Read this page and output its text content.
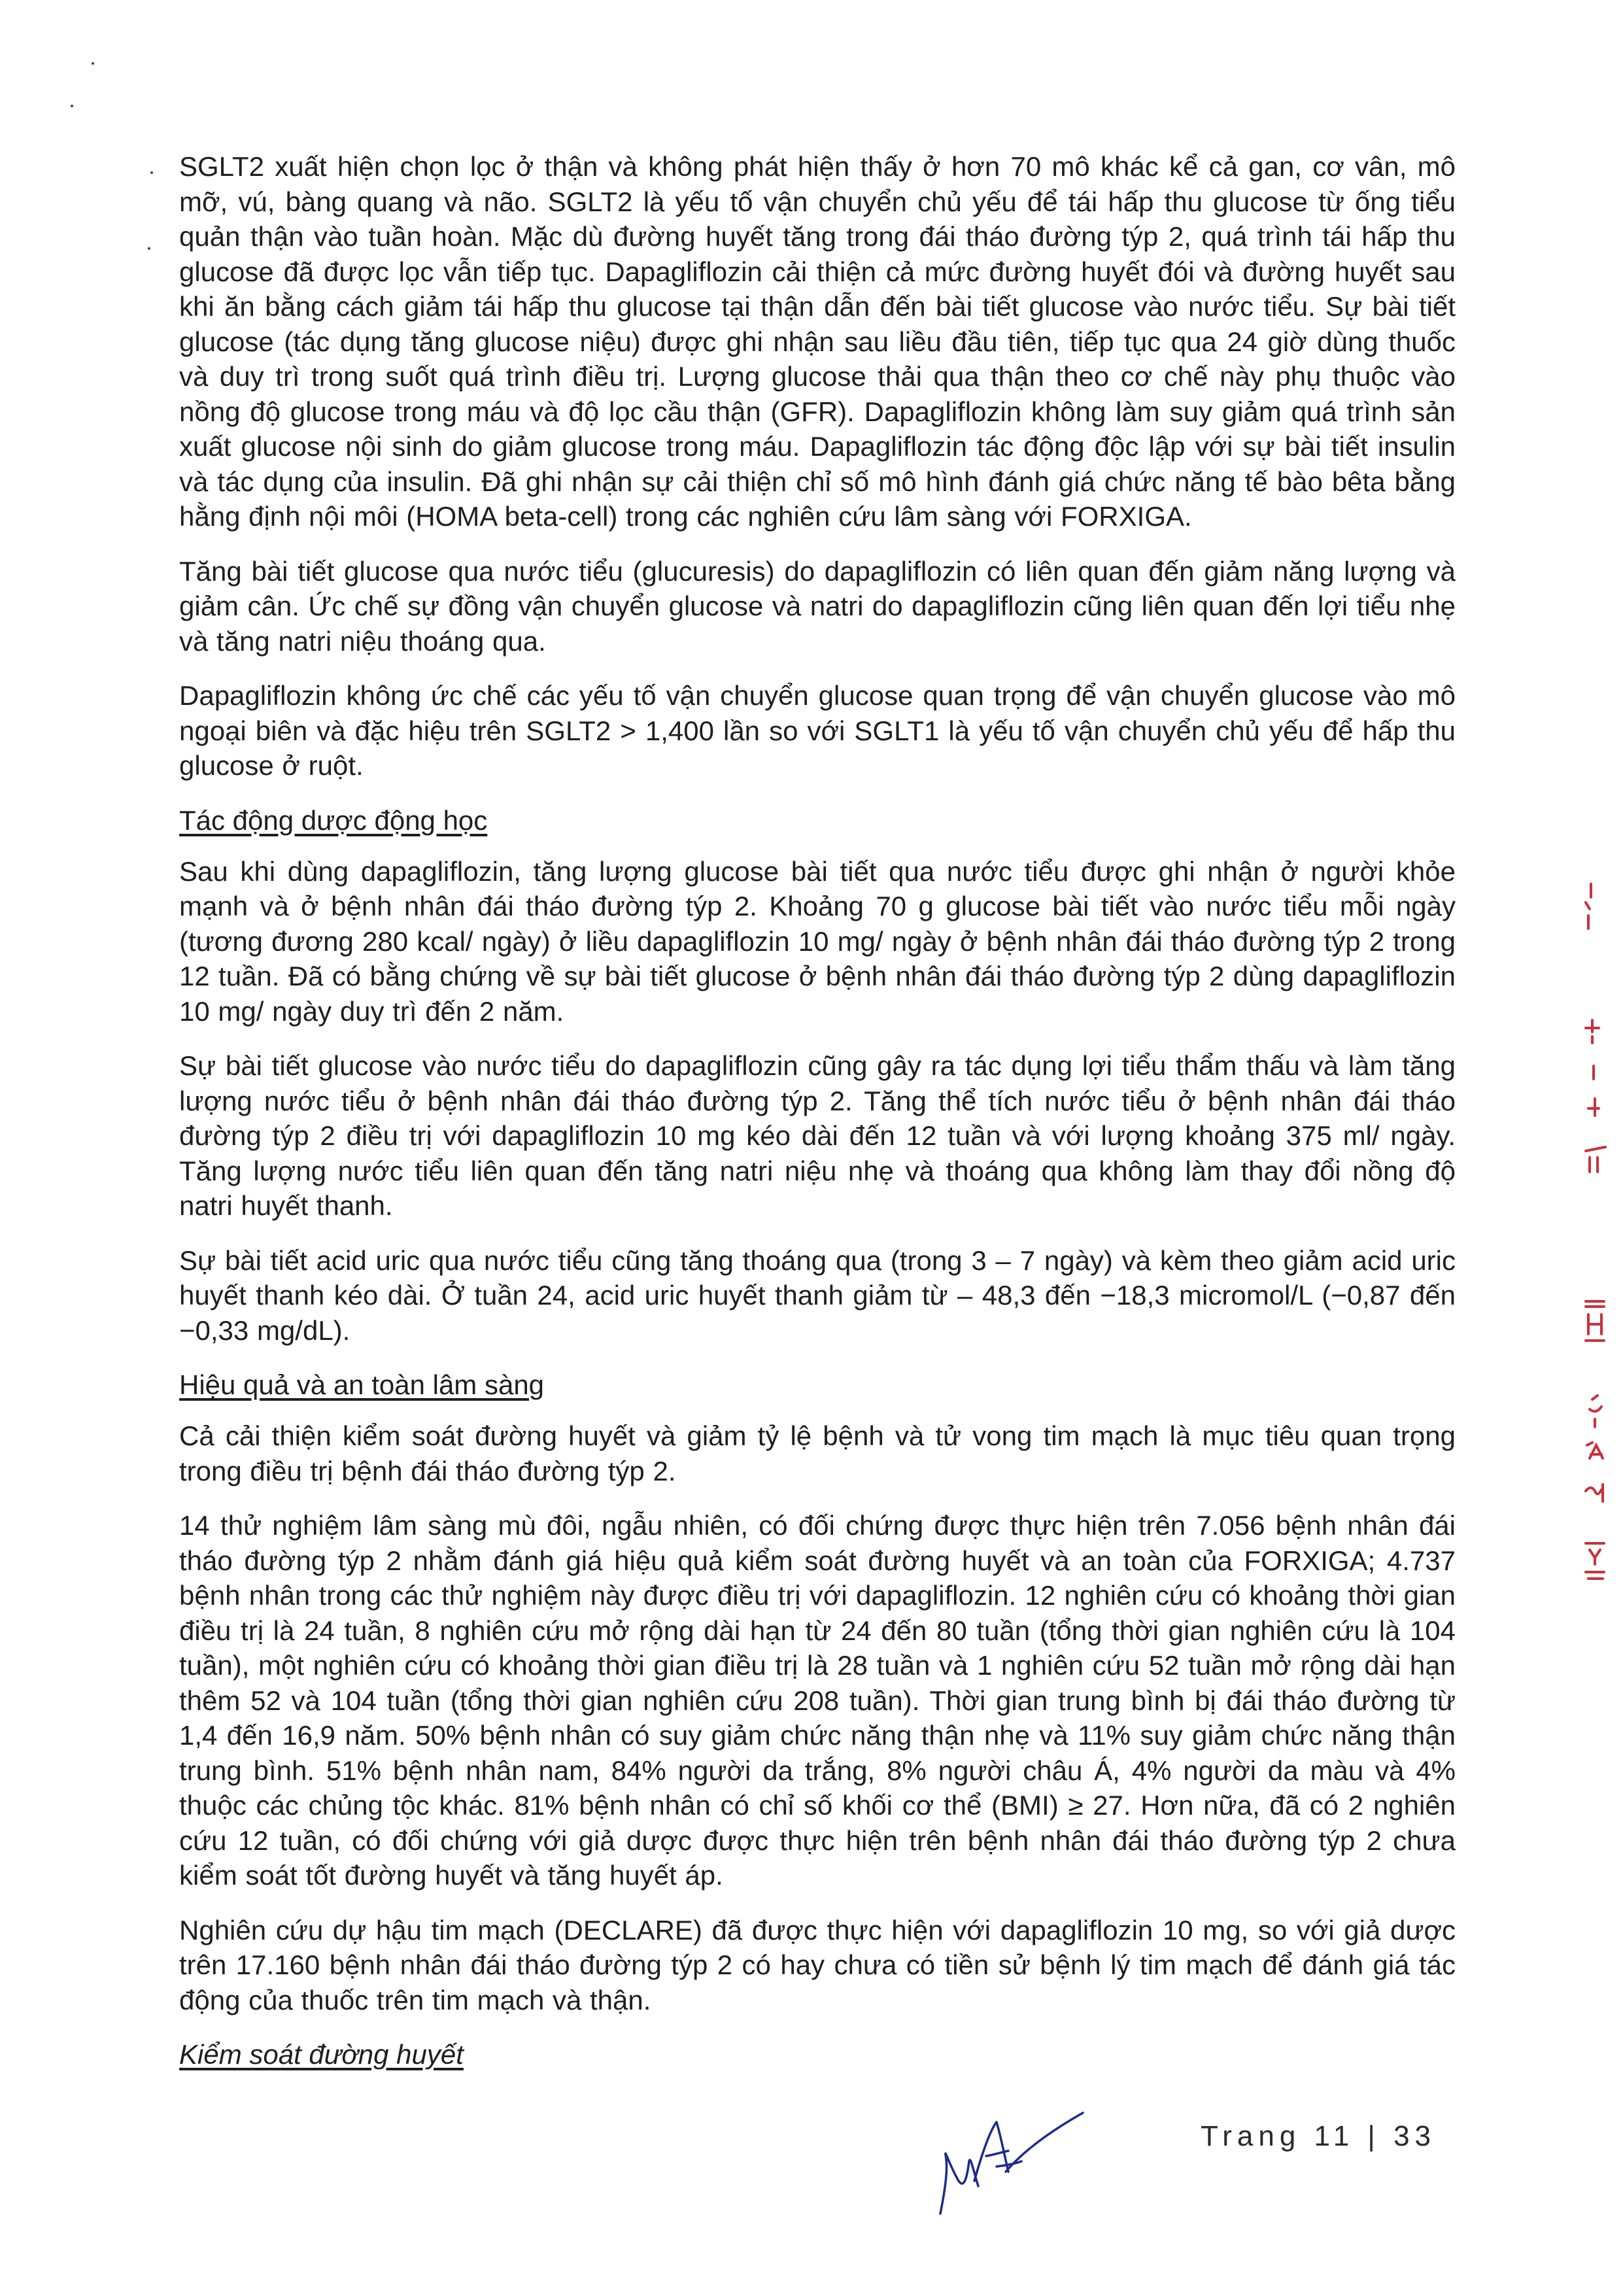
SGLT2 xuất hiện chọn lọc ở thận và không phát hiện thấy ở hơn 70 mô khác kể cả gan, cơ vân, mô mỡ, vú, bàng quang và não. SGLT2 là yếu tố vận chuyển chủ yếu để tái hấp thu glucose từ ống tiểu quản thận vào tuần hoàn. Mặc dù đường huyết tăng trong đái tháo đường týp 2, quá trình tái hấp thu glucose đã được lọc vẫn tiếp tục. Dapagliflozin cải thiện cả mức đường huyết đói và đường huyết sau khi ăn bằng cách giảm tái hấp thu glucose tại thận dẫn đến bài tiết glucose vào nước tiểu. Sự bài tiết glucose (tác dụng tăng glucose niệu) được ghi nhận sau liều đầu tiên, tiếp tục qua 24 giờ dùng thuốc và duy trì trong suốt quá trình điều trị. Lượng glucose thải qua thận theo cơ chế này phụ thuộc vào nồng độ glucose trong máu và độ lọc cầu thận (GFR). Dapagliflozin không làm suy giảm quá trình sản xuất glucose nội sinh do giảm glucose trong máu. Dapagliflozin tác động độc lập với sự bài tiết insulin và tác dụng của insulin. Đã ghi nhận sự cải thiện chỉ số mô hình đánh giá chức năng tế bào bêta bằng hằng định nội môi (HOMA beta-cell) trong các nghiên cứu lâm sàng với FORXIGA.

Tăng bài tiết glucose qua nước tiểu (glucuresis) do dapagliflozin có liên quan đến giảm năng lượng và giảm cân. Ức chế sự đồng vận chuyển glucose và natri do dapagliflozin cũng liên quan đến lợi tiểu nhẹ và tăng natri niệu thoáng qua.

Dapagliflozin không ức chế các yếu tố vận chuyển glucose quan trọng để vận chuyển glucose vào mô ngoại biên và đặc hiệu trên SGLT2 > 1,400 lần so với SGLT1 là yếu tố vận chuyển chủ yếu để hấp thu glucose ở ruột.

Tác động dược động học

Sau khi dùng dapagliflozin, tăng lượng glucose bài tiết qua nước tiểu được ghi nhận ở người khỏe mạnh và ở bệnh nhân đái tháo đường týp 2. Khoảng 70 g glucose bài tiết vào nước tiểu mỗi ngày (tương đương 280 kcal/ ngày) ở liều dapagliflozin 10 mg/ ngày ở bệnh nhân đái tháo đường týp 2 trong 12 tuần. Đã có bằng chứng về sự bài tiết glucose ở bệnh nhân đái tháo đường týp 2 dùng dapagliflozin 10 mg/ ngày duy trì đến 2 năm.

Sự bài tiết glucose vào nước tiểu do dapagliflozin cũng gây ra tác dụng lợi tiểu thẩm thấu và làm tăng lượng nước tiểu ở bệnh nhân đái tháo đường týp 2. Tăng thể tích nước tiểu ở bệnh nhân đái tháo đường týp 2 điều trị với dapagliflozin 10 mg kéo dài đến 12 tuần và với lượng khoảng 375 ml/ ngày. Tăng lượng nước tiểu liên quan đến tăng natri niệu nhẹ và thoáng qua không làm thay đổi nồng độ natri huyết thanh.

Sự bài tiết acid uric qua nước tiểu cũng tăng thoáng qua (trong 3 – 7 ngày) và kèm theo giảm acid uric huyết thanh kéo dài. Ở tuần 24, acid uric huyết thanh giảm từ – 48,3 đến −18,3 micromol/L (−0,87 đến −0,33 mg/dL).

Hiệu quả và an toàn lâm sàng

Cả cải thiện kiểm soát đường huyết và giảm tỷ lệ bệnh và tử vong tim mạch là mục tiêu quan trọng trong điều trị bệnh đái tháo đường týp 2.

14 thử nghiệm lâm sàng mù đôi, ngẫu nhiên, có đối chứng được thực hiện trên 7.056 bệnh nhân đái tháo đường týp 2 nhằm đánh giá hiệu quả kiểm soát đường huyết và an toàn của FORXIGA; 4.737 bệnh nhân trong các thử nghiệm này được điều trị với dapagliflozin. 12 nghiên cứu có khoảng thời gian điều trị là 24 tuần, 8 nghiên cứu mở rộng dài hạn từ 24 đến 80 tuần (tổng thời gian nghiên cứu là 104 tuần), một nghiên cứu có khoảng thời gian điều trị là 28 tuần và 1 nghiên cứu 52 tuần mở rộng dài hạn thêm 52 và 104 tuần (tổng thời gian nghiên cứu 208 tuần). Thời gian trung bình bị đái tháo đường từ 1,4 đến 16,9 năm. 50% bệnh nhân có suy giảm chức năng thận nhẹ và 11% suy giảm chức năng thận trung bình. 51% bệnh nhân nam, 84% người da trắng, 8% người châu Á, 4% người da màu và 4% thuộc các chủng tộc khác. 81% bệnh nhân có chỉ số khối cơ thể (BMI) ≥ 27. Hơn nữa, đã có 2 nghiên cứu 12 tuần, có đối chứng với giả dược được thực hiện trên bệnh nhân đái tháo đường týp 2 chưa kiểm soát tốt đường huyết và tăng huyết áp.

Nghiên cứu dự hậu tim mạch (DECLARE) đã được thực hiện với dapagliflozin 10 mg, so với giả dược trên 17.160 bệnh nhân đái tháo đường týp 2 có hay chưa có tiền sử bệnh lý tim mạch để đánh giá tác động của thuốc trên tim mạch và thận.

Kiểm soát đường huyết
Trang 11 | 33
